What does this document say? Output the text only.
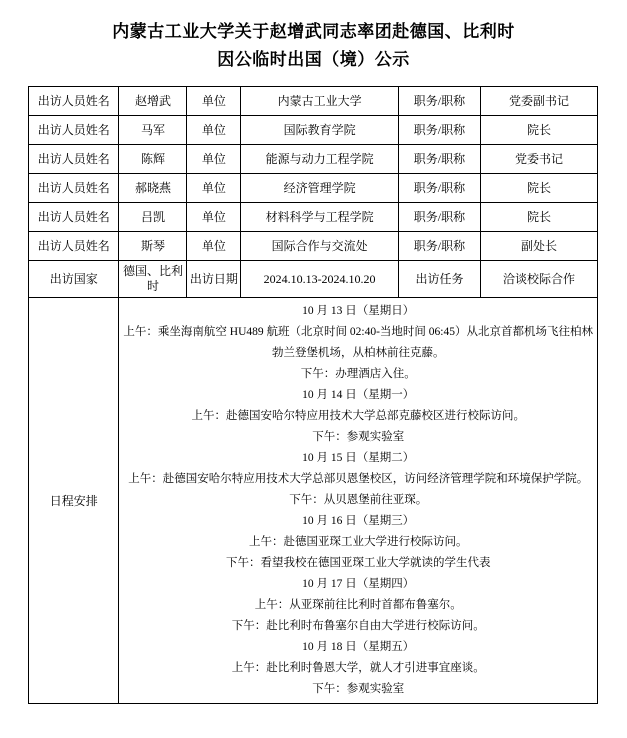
内蒙古工业大学关于赵增武同志率团赴德国、比利时
因公临时出国（境）公示
出访人员姓名	赵增武	单位	内蒙古工业大学	职务/职称	党委副书记
出访人员姓名	马军	单位	国际教育学院	职务/职称	院长
出访人员姓名	陈辉	单位	能源与动力工程学院	职务/职称	党委书记
出访人员姓名	郝晓燕	单位	经济管理学院	职务/职称	院长
出访人员姓名	吕凯	单位	材料科学与工程学院	职务/职称	院长
出访人员姓名	斯琴	单位	国际合作与交流处	职务/职称	副处长
出访国家	德国、比利时	出访日期	2024.10.13-2024.10.20	出访任务	洽谈校际合作
日程安排	
10 月 13 日（星期日）
上午：乘坐海南航空 HU489 航班（北京时间 02:40-当地时间 06:45）从北京首都机场飞往柏林勃兰登堡机场，从柏林前往克藤。
下午：办理酒店入住。
10 月 14 日（星期一）
上午：赴德国安哈尔特应用技术大学总部克藤校区进行校际访问。
下午：参观实验室
10 月 15 日（星期二）
上午：赴德国安哈尔特应用技术大学总部贝恩堡校区，访问经济管理学院和环境保护学院。
下午：从贝恩堡前往亚琛。
10 月 16 日（星期三）
上午：赴德国亚琛工业大学进行校际访问。
下午：看望我校在德国亚琛工业大学就读的学生代表
10 月 17 日（星期四）
上午：从亚琛前往比利时首都布鲁塞尔。
下午：赴比利时布鲁塞尔自由大学进行校际访问。
10 月 18 日（星期五）
上午：赴比利时鲁恩大学，就人才引进事宜座谈。
下午：参观实验室
